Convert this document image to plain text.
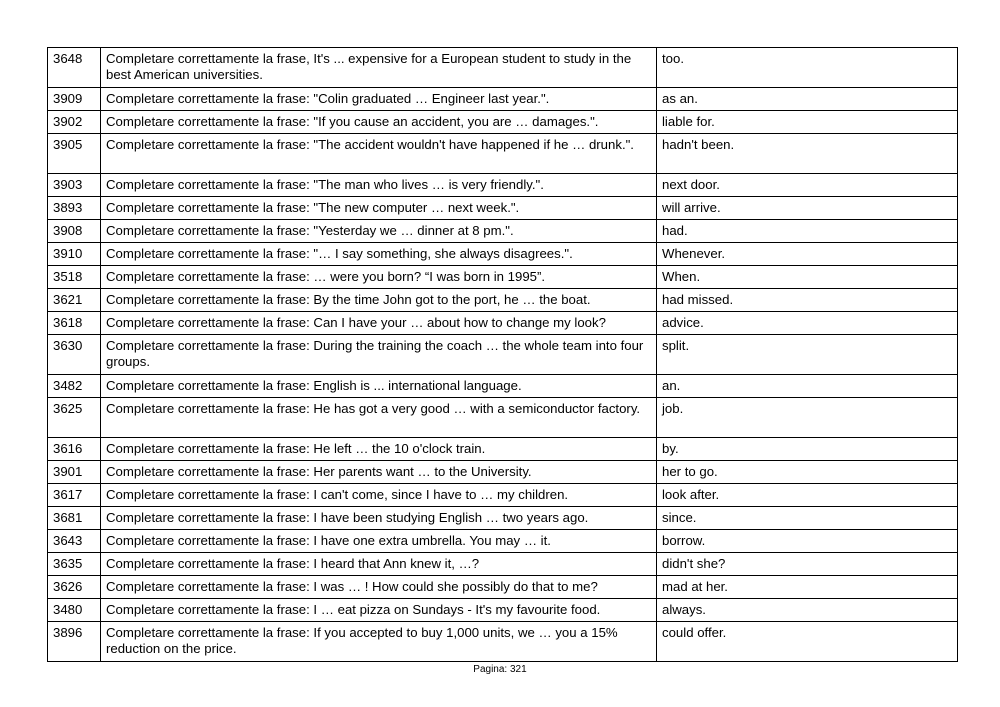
3648	Completare correttamente la frase, It's ... expensive for a European student to study in the best American universities.	too.
3909	Completare correttamente la frase: "Colin graduated … Engineer last year.".	as an.
3902	Completare correttamente la frase: "If you cause an accident, you are … damages.".	liable for.
3905	Completare correttamente la frase: "The accident wouldn't have happened if he … drunk.".	hadn't been.
3903	Completare correttamente la frase: "The man who lives … is very friendly.".	next door.
3893	Completare correttamente la frase: "The new computer … next week.".	will arrive.
3908	Completare correttamente la frase: "Yesterday we … dinner at 8 pm.".	had.
3910	Completare correttamente la frase: "… I say something, she always disagrees.".	Whenever.
3518	Completare correttamente la frase: … were you born? “I was born in 1995”.	When.
3621	Completare correttamente la frase: By the time John got to the port, he … the boat.	had missed.
3618	Completare correttamente la frase: Can I have your … about how to change my look?	advice.
3630	Completare correttamente la frase: During the training the coach … the whole team into four groups.	split.
3482	Completare correttamente la frase: English is ... international language.	an.
3625	Completare correttamente la frase: He has got a very good … with a semiconductor factory.	job.
3616	Completare correttamente la frase: He left … the 10 o'clock train.	by.
3901	Completare correttamente la frase: Her parents want … to the University.	her to go.
3617	Completare correttamente la frase: I can't come, since I have to … my children.	look after.
3681	Completare correttamente la frase: I have been studying English … two years ago.	since.
3643	Completare correttamente la frase: I have one extra umbrella. You may … it.	borrow.
3635	Completare correttamente la frase: I heard that Ann knew it, …?	didn't she?
3626	Completare correttamente la frase: I was … ! How could she possibly do that to me?	mad at her.
3480	Completare correttamente la frase: I … eat pizza on Sundays - It's my favourite food.	always.
3896	Completare correttamente la frase: If you accepted to buy 1,000 units, we … you a 15% reduction on the price.	could offer.
Pagina: 321
